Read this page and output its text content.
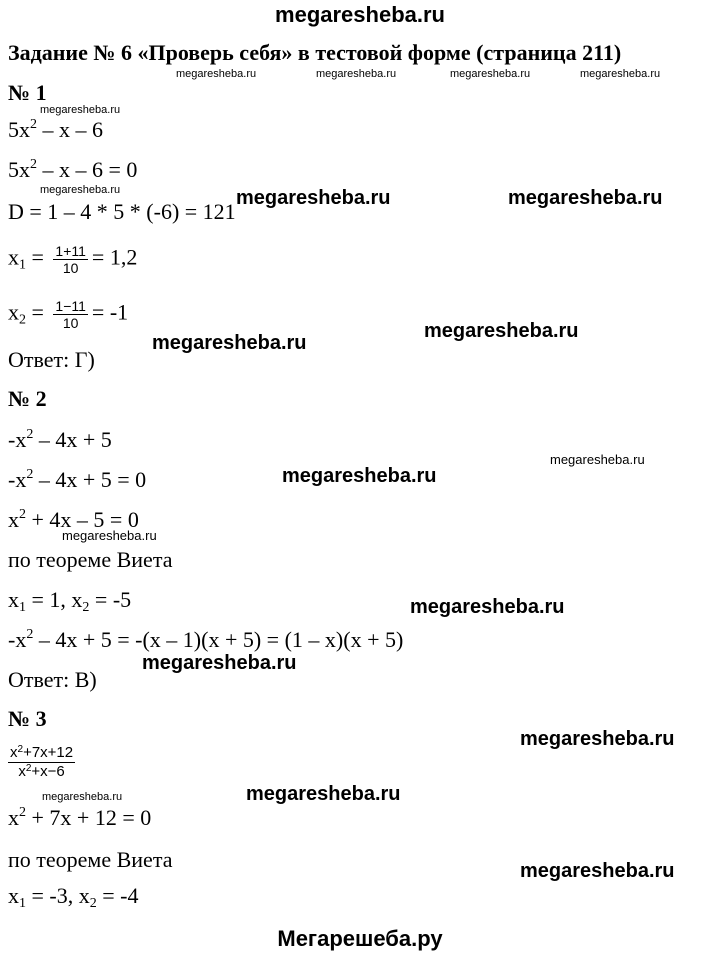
megaresheba.ru
Задание № 6 «Проверь себя» в тестовой форме (страница 211)
megaresheba.ru	megaresheba.ru	megaresheba.ru	megaresheba.ru
№ 1
megaresheba.ru
$5x^2$ – x – 6
$5x^2 - x - 6 = 0$
megaresheba.ru
D = 1 – 4 * 5 * (-6) = 121
megaresheba.ru	megaresheba.ru
$x_1 = \frac{1+11}{10} = 1,2$
$x_2 = \frac{1-11}{10} = -1$
megaresheba.ru
Ответ: Г)
megaresheba.ru
№ 2
$-x^2 - 4x + 5$
megaresheba.ru
$-x^2 - 4x + 5 = 0$	megaresheba.ru
$x^2 + 4x - 5 = 0$
megaresheba.ru
по теореме Виета
$x_1 = 1$, $x_2 = -5$	megaresheba.ru
$-x^2 - 4x + 5 = -(x - 1)(x + 5) = (1 - x)(x + 5)$
megaresheba.ru
Ответ: В)
№ 3
megaresheba.ru
$\frac{x^2+7x+12}{x^2+x-6}$
megaresheba.ru	megaresheba.ru
$x^2 + 7x + 12 = 0$
по теореме Виета	megaresheba.ru
$x_1 = -3$, $x_2 = -4$
Мегарешеба.ру
